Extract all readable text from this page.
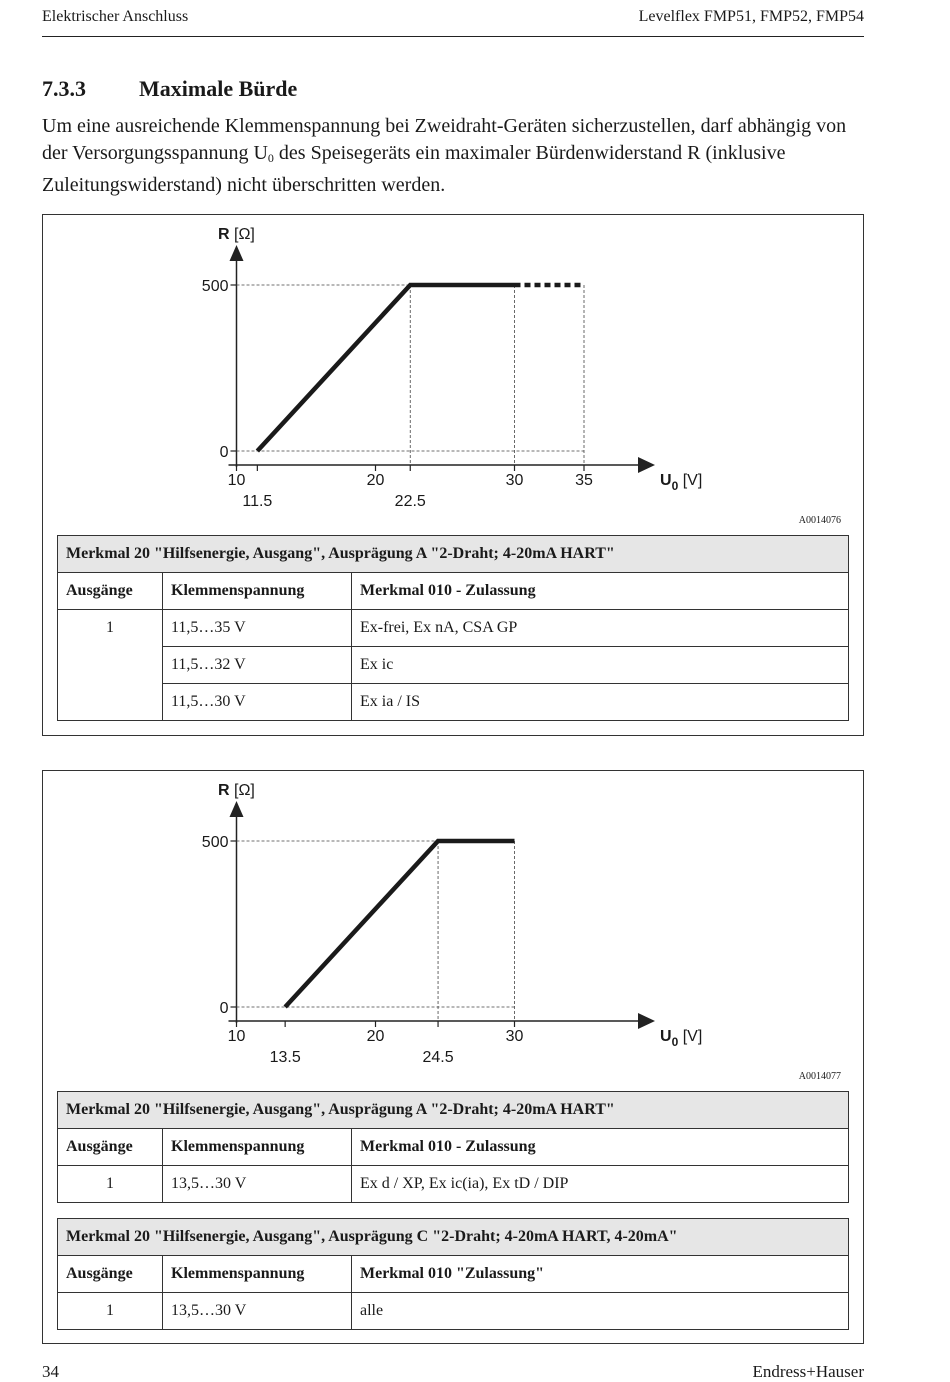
Elektrischer Anschluss	Levelflex FMP51, FMP52, FMP54
7.3.3 Maximale Bürde
Um eine ausreichende Klemmenspannung bei Zweidraht-Geräten sicherzustellen, darf abhängig von der Versorgungsspannung $U_0$ des Speisegeräts ein maximaler Bürdenwiderstand R (inklusive Zuleitungswiderstand) nicht überschritten werden.
0
500
10	20	30	35
11.5	22.5
R [Ω]
$U_0$ [V]
A0014076
Merkmal 20 "Hilfsenergie, Ausgang", Ausprägung A "2-Draht; 4-20mA HART"		
Ausgänge	Klemmenspannung	Merkmal 010 - Zulassung
1	11,5…35 V	Ex-frei, Ex nA, CSA GP
	11,5…32 V	Ex ic
	11,5…30 V	Ex ia / IS
0
500
10	20	30
13.5	24.5
R [Ω]
$U_0$ [V]
A0014077
Merkmal 20 "Hilfsenergie, Ausgang", Ausprägung A "2-Draht; 4-20mA HART"		
Ausgänge	Klemmenspannung	Merkmal 010 - Zulassung
1	13,5…30 V	Ex d / XP, Ex ic(ia), Ex tD / DIP
Merkmal 20 "Hilfsenergie, Ausgang", Ausprägung C "2-Draht; 4-20mA HART, 4-20mA"		
Ausgänge	Klemmenspannung	Merkmal 010 "Zulassung"
1	13,5…30 V	alle
34	Endress+Hauser
